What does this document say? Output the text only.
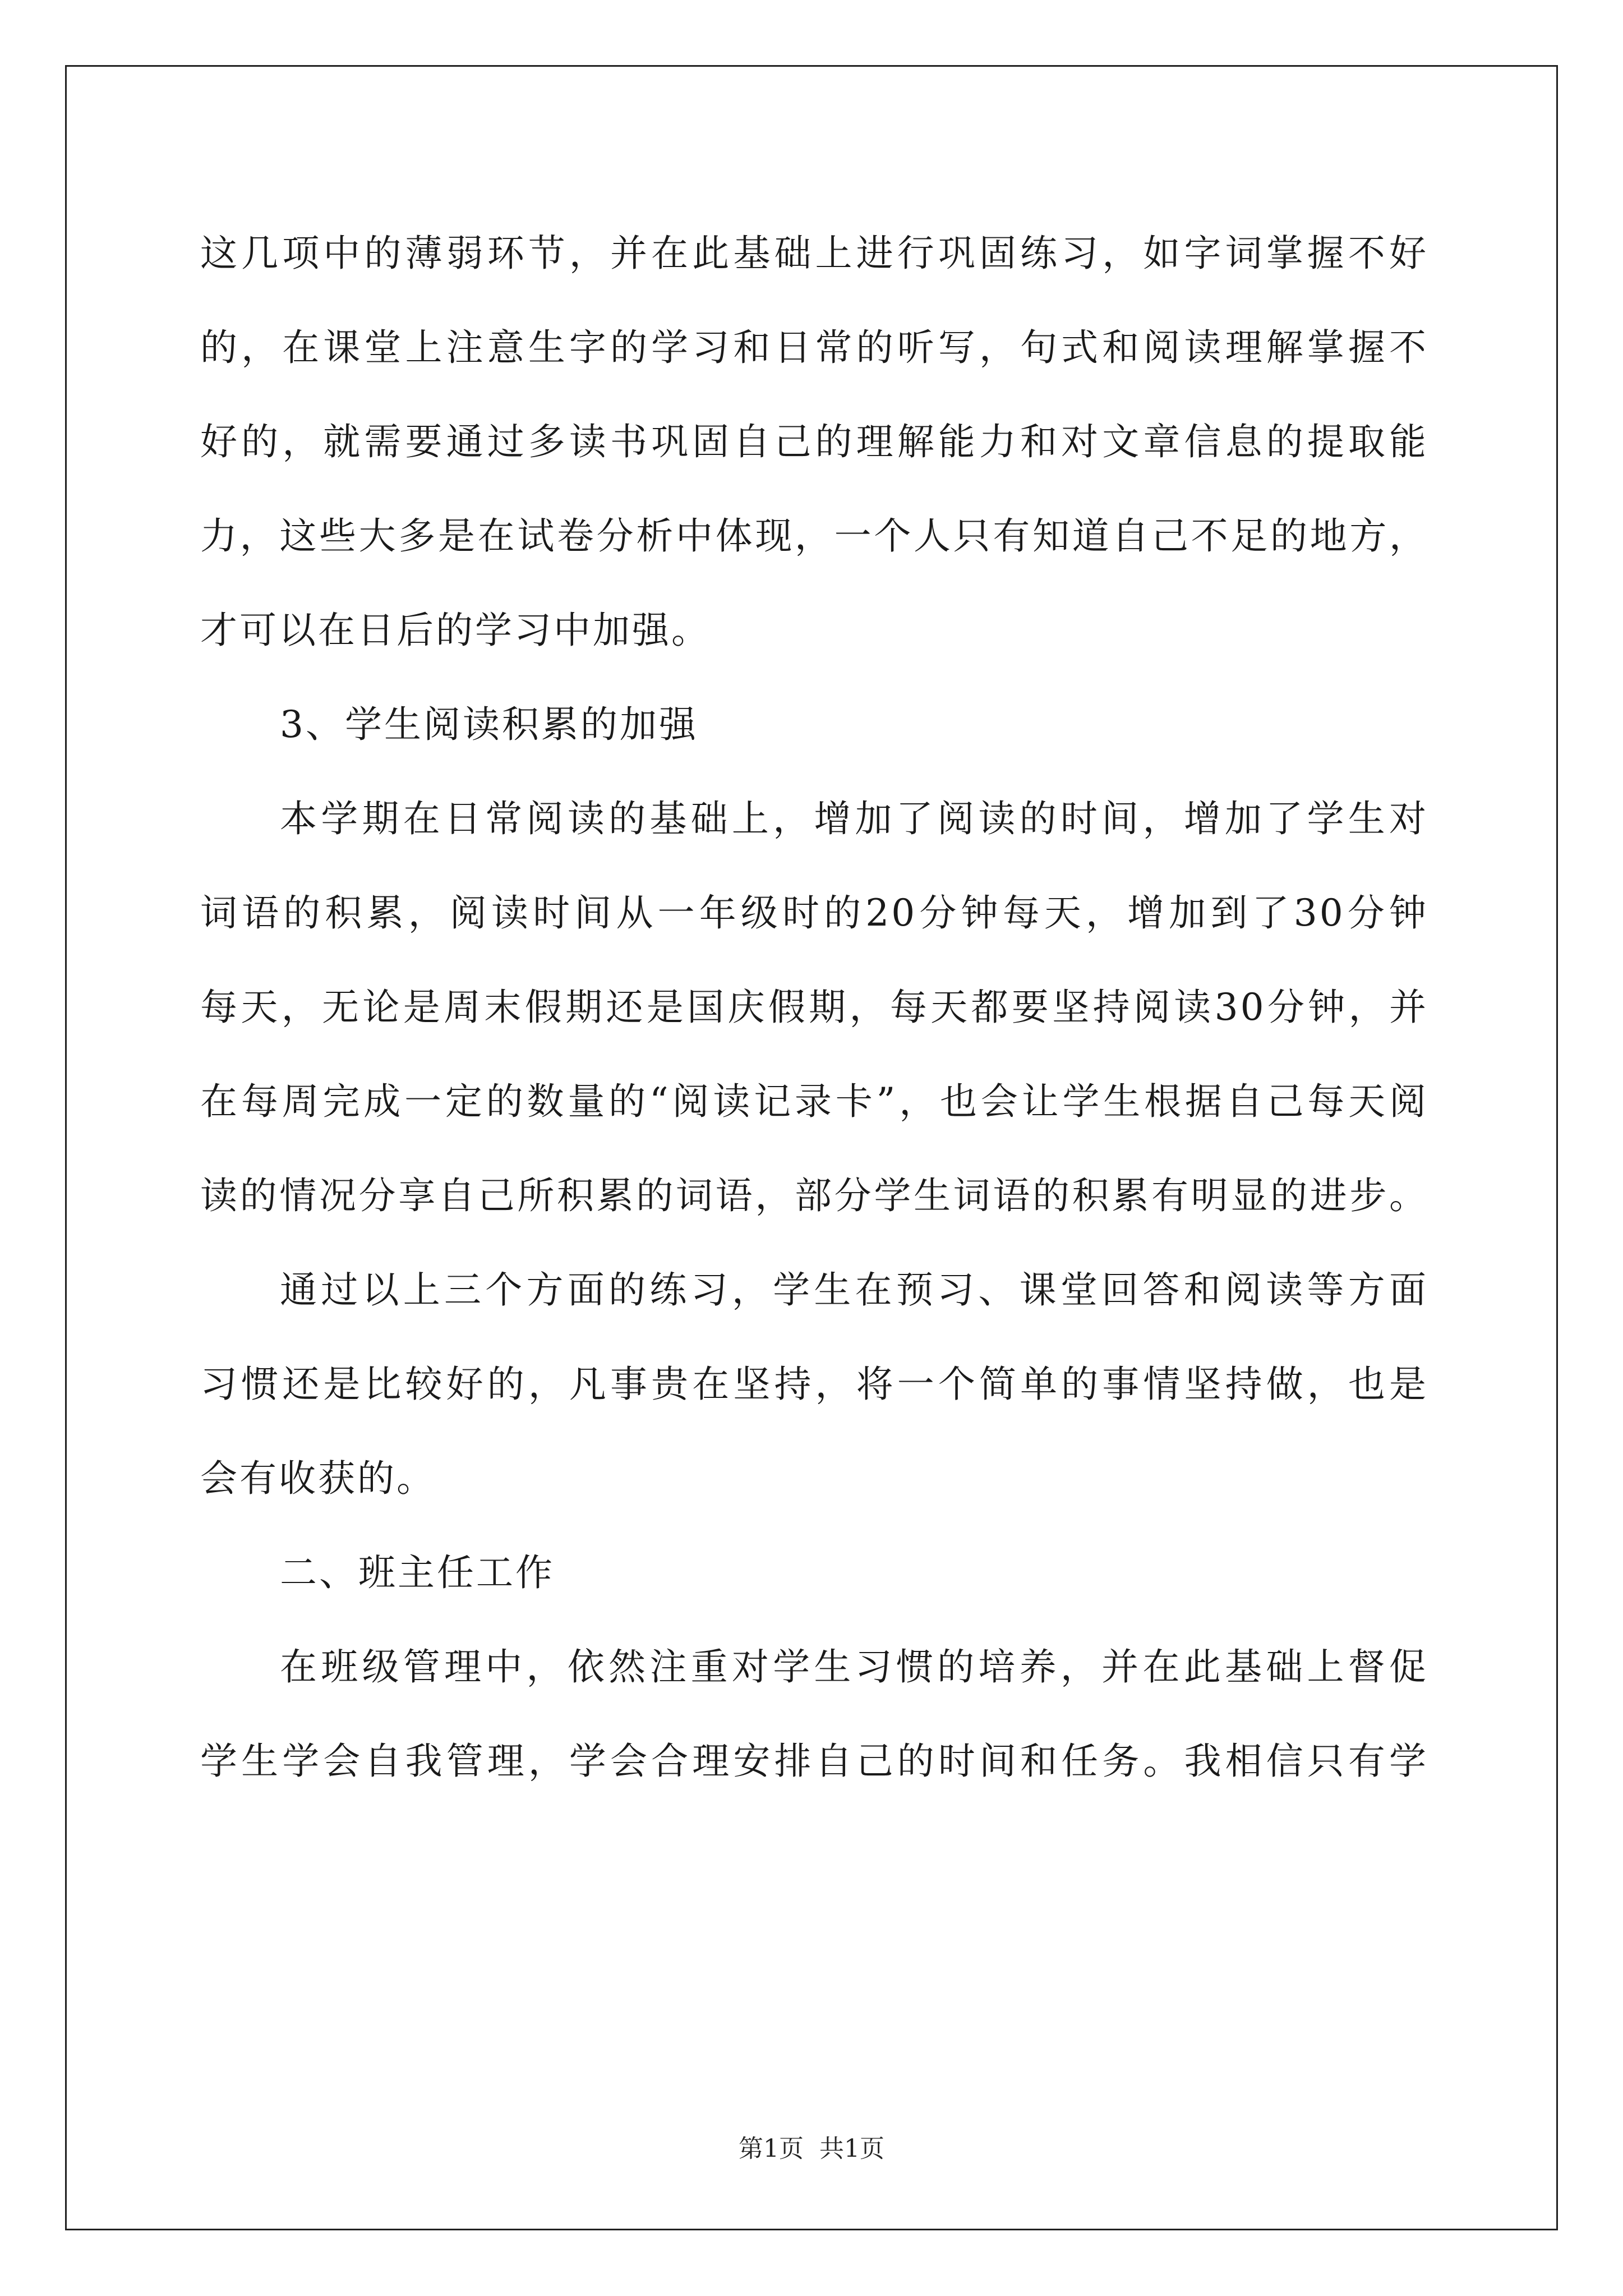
这几项中的薄弱环节，并在此基础上进行巩固练习，如字词掌握不好
的，在课堂上注意生字的学习和日常的听写，句式和阅读理解掌握不
好的，就需要通过多读书巩固自己的理解能力和对文章信息的提取能
力，这些大多是在试卷分析中体现，一个人只有知道自己不足的地方，
才可以在日后的学习中加强。
3、学生阅读积累的加强
本学期在日常阅读的基础上，增加了阅读的时间，增加了学生对
词语的积累，阅读时间从一年级时的20分钟每天，增加到了30分钟
每天，无论是周末假期还是国庆假期，每天都要坚持阅读30分钟，并
在每周完成一定的数量的“阅读记录卡”，也会让学生根据自己每天阅
读的情况分享自己所积累的词语，部分学生词语的积累有明显的进步。
通过以上三个方面的练习，学生在预习、课堂回答和阅读等方面
习惯还是比较好的，凡事贵在坚持，将一个简单的事情坚持做，也是
会有收获的。
二、班主任工作
在班级管理中，依然注重对学生习惯的培养，并在此基础上督促
学生学会自我管理，学会合理安排自己的时间和任务。我相信只有学
第1页  共1页
